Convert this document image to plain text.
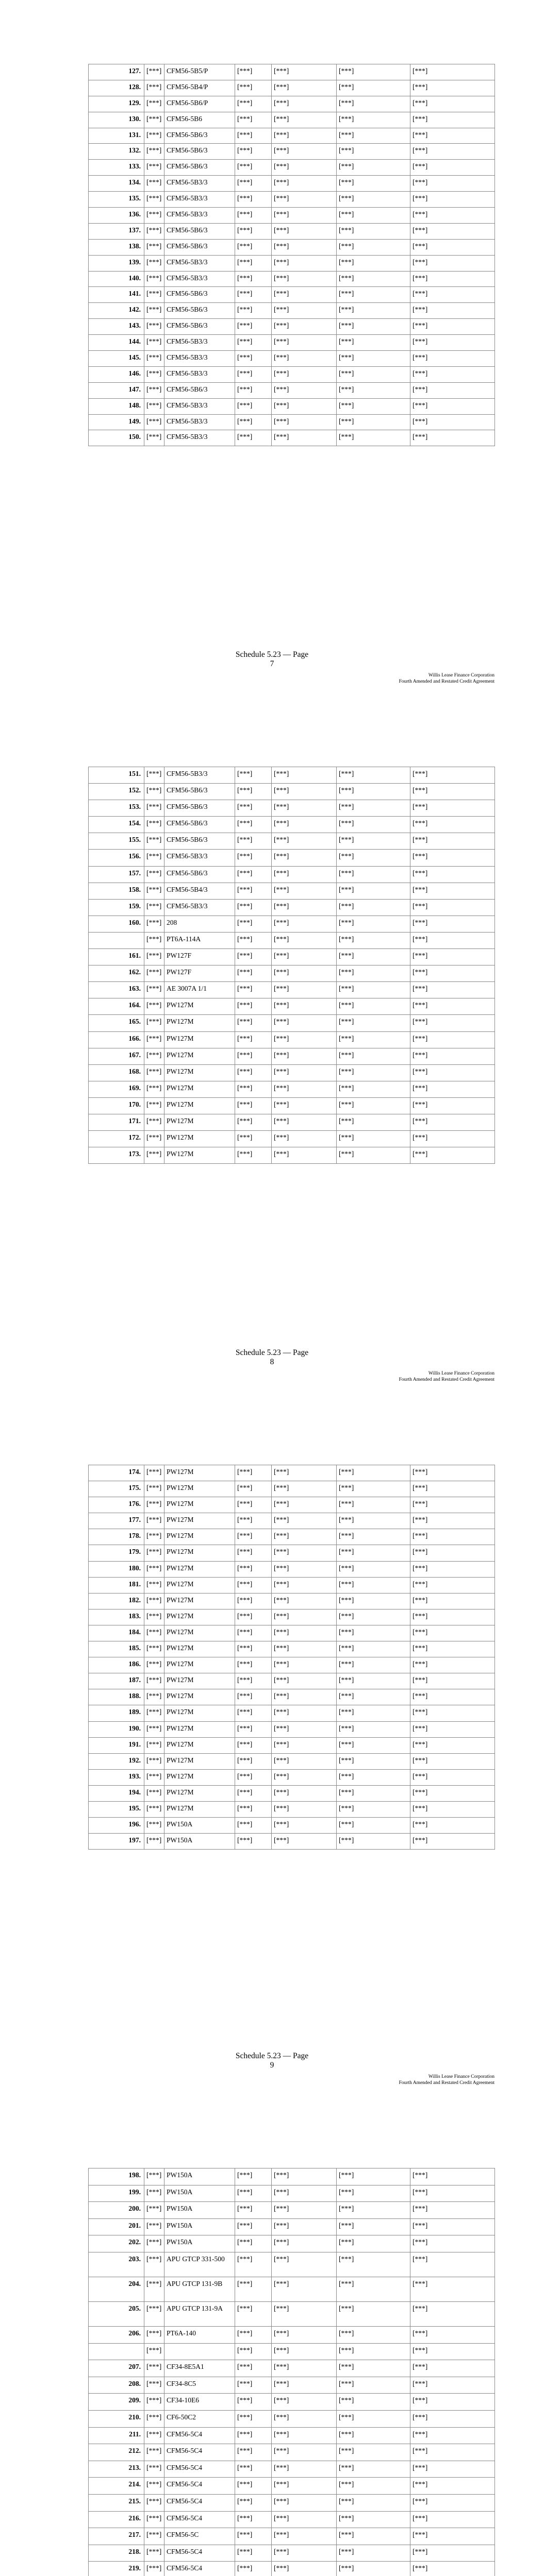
127.	[***]	CFM56-5B5/P	[***]	[***]	[***]	[***]
128.	[***]	CFM56-5B4/P	[***]	[***]	[***]	[***]
129.	[***]	CFM56-5B6/P	[***]	[***]	[***]	[***]
130.	[***]	CFM56-5B6	[***]	[***]	[***]	[***]
131.	[***]	CFM56-5B6/3	[***]	[***]	[***]	[***]
132.	[***]	CFM56-5B6/3	[***]	[***]	[***]	[***]
133.	[***]	CFM56-5B6/3	[***]	[***]	[***]	[***]
134.	[***]	CFM56-5B3/3	[***]	[***]	[***]	[***]
135.	[***]	CFM56-5B3/3	[***]	[***]	[***]	[***]
136.	[***]	CFM56-5B3/3	[***]	[***]	[***]	[***]
137.	[***]	CFM56-5B6/3	[***]	[***]	[***]	[***]
138.	[***]	CFM56-5B6/3	[***]	[***]	[***]	[***]
139.	[***]	CFM56-5B3/3	[***]	[***]	[***]	[***]
140.	[***]	CFM56-5B3/3	[***]	[***]	[***]	[***]
141.	[***]	CFM56-5B6/3	[***]	[***]	[***]	[***]
142.	[***]	CFM56-5B6/3	[***]	[***]	[***]	[***]
143.	[***]	CFM56-5B6/3	[***]	[***]	[***]	[***]
144.	[***]	CFM56-5B3/3	[***]	[***]	[***]	[***]
145.	[***]	CFM56-5B3/3	[***]	[***]	[***]	[***]
146.	[***]	CFM56-5B3/3	[***]	[***]	[***]	[***]
147.	[***]	CFM56-5B6/3	[***]	[***]	[***]	[***]
148.	[***]	CFM56-5B3/3	[***]	[***]	[***]	[***]
149.	[***]	CFM56-5B3/3	[***]	[***]	[***]	[***]
150.	[***]	CFM56-5B3/3	[***]	[***]	[***]	[***]
Schedule 5.23 — Page
7
Willis Lease Finance Corporation
Fourth Amended and Restated Credit Agreement
151.	[***]	CFM56-5B3/3	[***]	[***]	[***]	[***]
152.	[***]	CFM56-5B6/3	[***]	[***]	[***]	[***]
153.	[***]	CFM56-5B6/3	[***]	[***]	[***]	[***]
154.	[***]	CFM56-5B6/3	[***]	[***]	[***]	[***]
155.	[***]	CFM56-5B6/3	[***]	[***]	[***]	[***]
156.	[***]	CFM56-5B3/3	[***]	[***]	[***]	[***]
157.	[***]	CFM56-5B6/3	[***]	[***]	[***]	[***]
158.	[***]	CFM56-5B4/3	[***]	[***]	[***]	[***]
159.	[***]	CFM56-5B3/3	[***]	[***]	[***]	[***]
160.	[***]	208	[***]	[***]	[***]	[***]
	[***]	PT6A-114A	[***]	[***]	[***]	[***]
161.	[***]	PW127F	[***]	[***]	[***]	[***]
162.	[***]	PW127F	[***]	[***]	[***]	[***]
163.	[***]	AE 3007A 1/1	[***]	[***]	[***]	[***]
164.	[***]	PW127M	[***]	[***]	[***]	[***]
165.	[***]	PW127M	[***]	[***]	[***]	[***]
166.	[***]	PW127M	[***]	[***]	[***]	[***]
167.	[***]	PW127M	[***]	[***]	[***]	[***]
168.	[***]	PW127M	[***]	[***]	[***]	[***]
169.	[***]	PW127M	[***]	[***]	[***]	[***]
170.	[***]	PW127M	[***]	[***]	[***]	[***]
171.	[***]	PW127M	[***]	[***]	[***]	[***]
172.	[***]	PW127M	[***]	[***]	[***]	[***]
173.	[***]	PW127M	[***]	[***]	[***]	[***]
Schedule 5.23 — Page
8
Willis Lease Finance Corporation
Fourth Amended and Restated Credit Agreement
174.	[***]	PW127M	[***]	[***]	[***]	[***]
175.	[***]	PW127M	[***]	[***]	[***]	[***]
176.	[***]	PW127M	[***]	[***]	[***]	[***]
177.	[***]	PW127M	[***]	[***]	[***]	[***]
178.	[***]	PW127M	[***]	[***]	[***]	[***]
179.	[***]	PW127M	[***]	[***]	[***]	[***]
180.	[***]	PW127M	[***]	[***]	[***]	[***]
181.	[***]	PW127M	[***]	[***]	[***]	[***]
182.	[***]	PW127M	[***]	[***]	[***]	[***]
183.	[***]	PW127M	[***]	[***]	[***]	[***]
184.	[***]	PW127M	[***]	[***]	[***]	[***]
185.	[***]	PW127M	[***]	[***]	[***]	[***]
186.	[***]	PW127M	[***]	[***]	[***]	[***]
187.	[***]	PW127M	[***]	[***]	[***]	[***]
188.	[***]	PW127M	[***]	[***]	[***]	[***]
189.	[***]	PW127M	[***]	[***]	[***]	[***]
190.	[***]	PW127M	[***]	[***]	[***]	[***]
191.	[***]	PW127M	[***]	[***]	[***]	[***]
192.	[***]	PW127M	[***]	[***]	[***]	[***]
193.	[***]	PW127M	[***]	[***]	[***]	[***]
194.	[***]	PW127M	[***]	[***]	[***]	[***]
195.	[***]	PW127M	[***]	[***]	[***]	[***]
196.	[***]	PW150A	[***]	[***]	[***]	[***]
197.	[***]	PW150A	[***]	[***]	[***]	[***]
Schedule 5.23 — Page
9
Willis Lease Finance Corporation
Fourth Amended and Restated Credit Agreement
198.	[***]	PW150A	[***]	[***]	[***]	[***]
199.	[***]	PW150A	[***]	[***]	[***]	[***]
200.	[***]	PW150A	[***]	[***]	[***]	[***]
201.	[***]	PW150A	[***]	[***]	[***]	[***]
202.	[***]	PW150A	[***]	[***]	[***]	[***]
203.	[***]	APU GTCP 331-500	[***]	[***]	[***]	[***]
204.	[***]	APU GTCP 131-9B	[***]	[***]	[***]	[***]
205.	[***]	APU GTCP 131-9A	[***]	[***]	[***]	[***]
206.	[***]	PT6A-140	[***]	[***]	[***]	[***]
	[***]		[***]	[***]	[***]	[***]
207.	[***]	CF34-8E5A1	[***]	[***]	[***]	[***]
208.	[***]	CF34-8C5	[***]	[***]	[***]	[***]
209.	[***]	CF34-10E6	[***]	[***]	[***]	[***]
210.	[***]	CF6-50C2	[***]	[***]	[***]	[***]
211.	[***]	CFM56-5C4	[***]	[***]	[***]	[***]
212.	[***]	CFM56-5C4	[***]	[***]	[***]	[***]
213.	[***]	CFM56-5C4	[***]	[***]	[***]	[***]
214.	[***]	CFM56-5C4	[***]	[***]	[***]	[***]
215.	[***]	CFM56-5C4	[***]	[***]	[***]	[***]
216.	[***]	CFM56-5C4	[***]	[***]	[***]	[***]
217.	[***]	CFM56-5C	[***]	[***]	[***]	[***]
218.	[***]	CFM56-5C4	[***]	[***]	[***]	[***]
219.	[***]	CFM56-5C4	[***]	[***]	[***]	[***]
